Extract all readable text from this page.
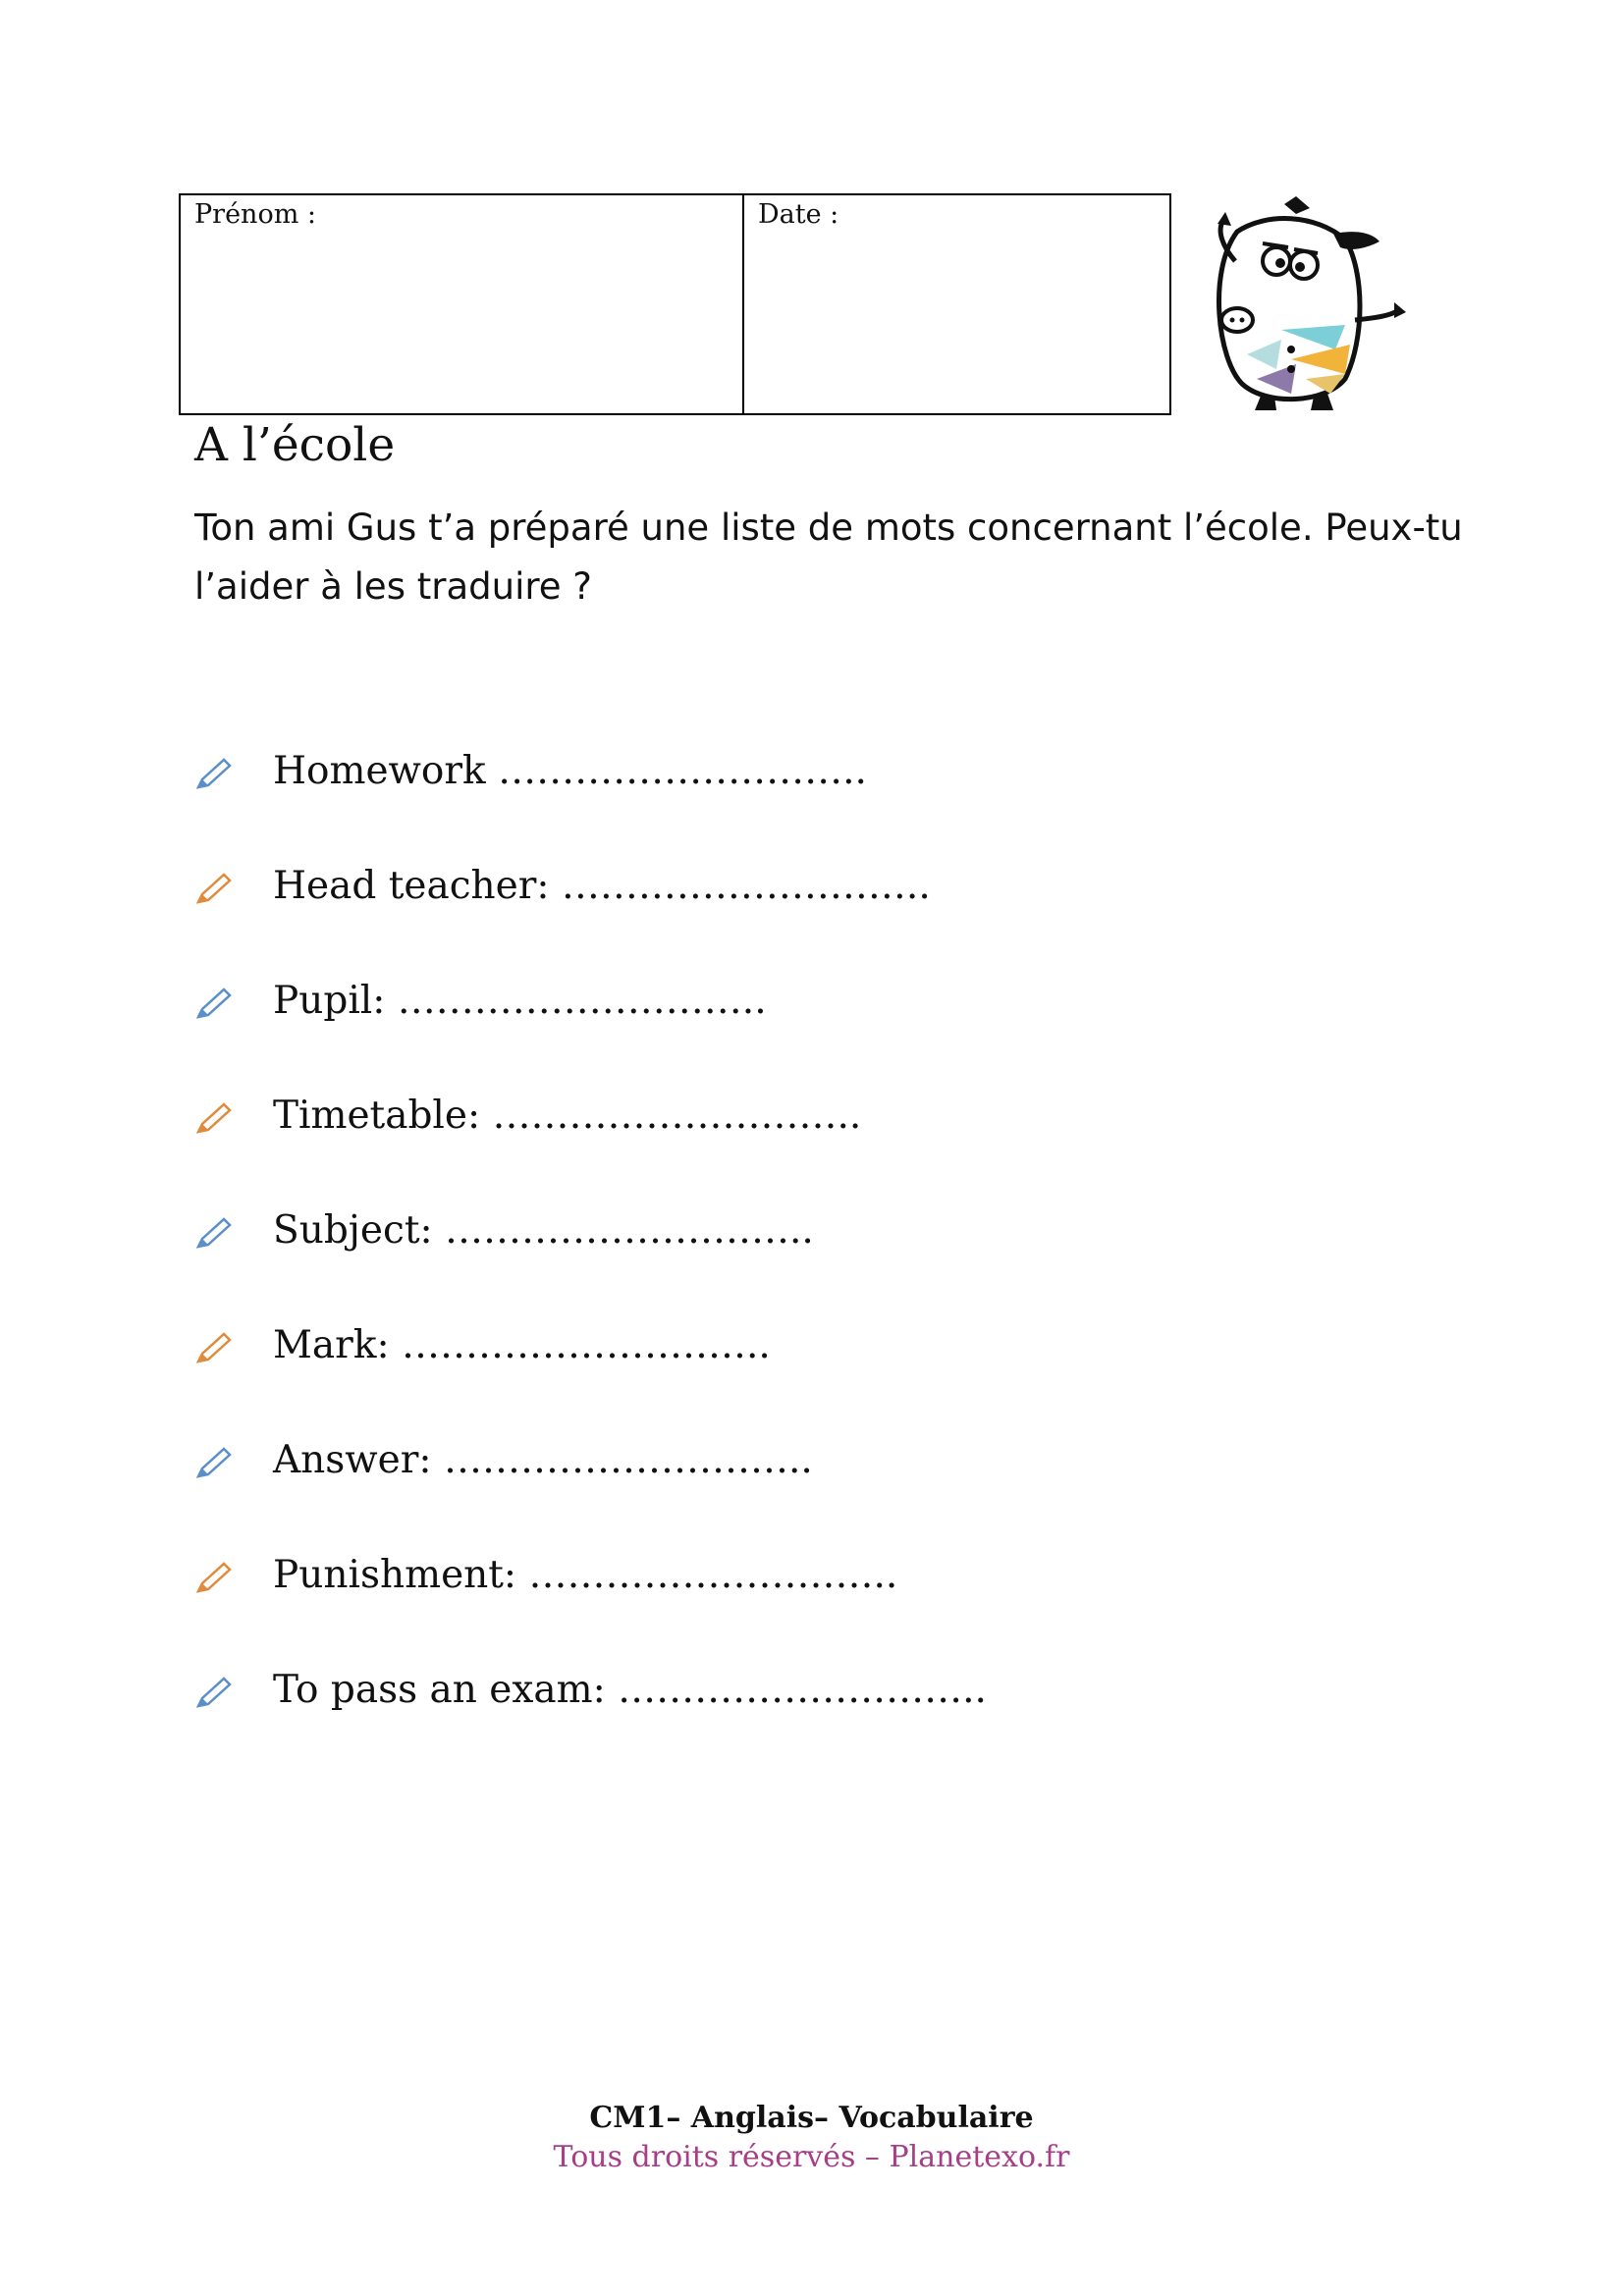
Prénom :	Date :
A l’école
Ton ami Gus t’a préparé une liste de mots concernant l’école. Peux-tu l’aider à les traduire ?
Homework ………………………..
Head teacher: ………………………..
Pupil: ………………………..
Timetable: ………………………..
Subject: ………………………..
Mark: ………………………..
Answer: ………………………..
Punishment: ………………………..
To pass an exam: ………………………..
CM1– Anglais– Vocabulaire
Tous droits réservés – Planetexo.fr
